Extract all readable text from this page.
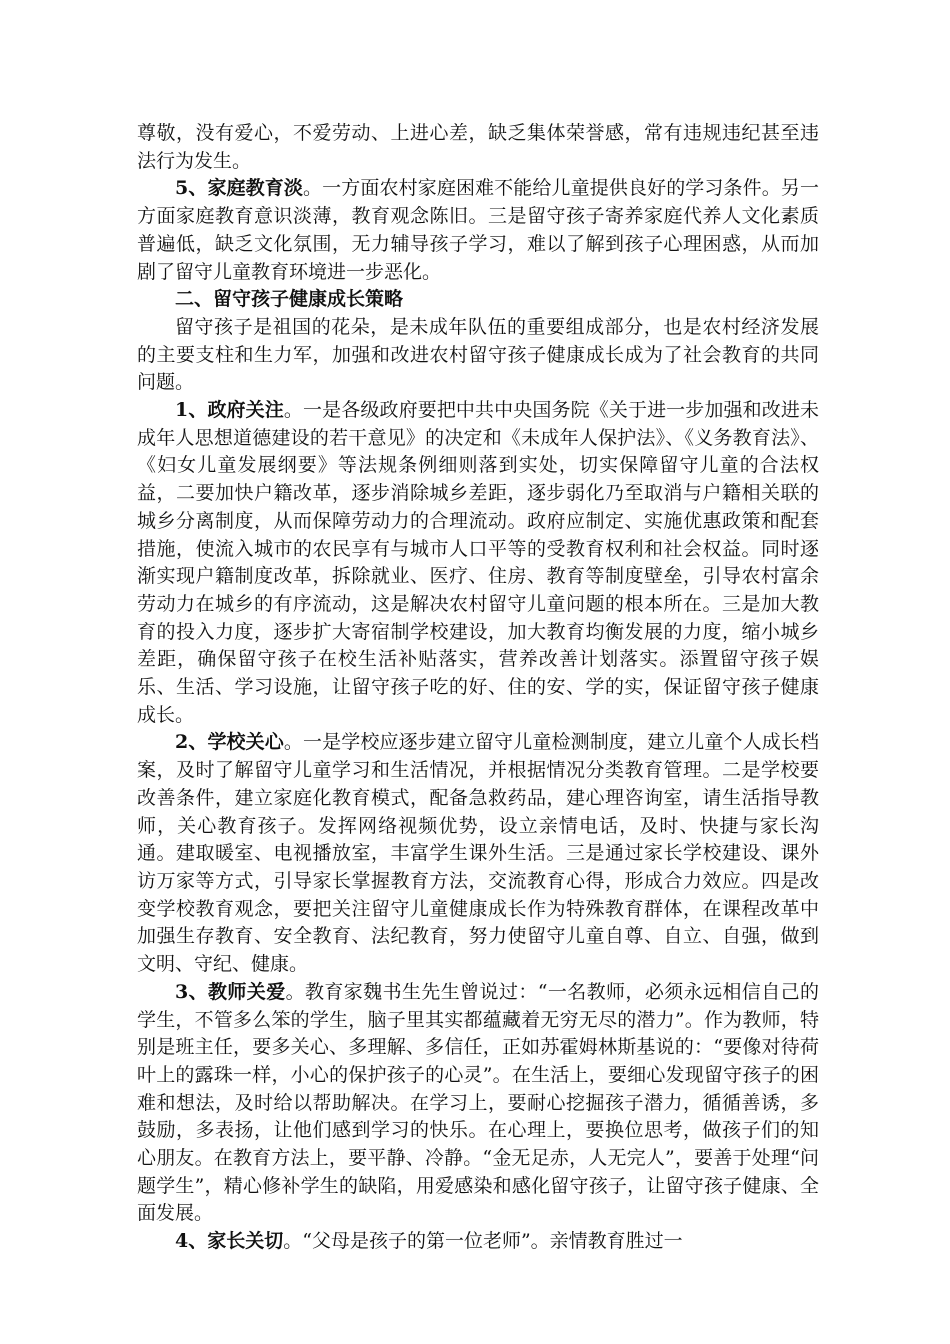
尊敬，没有爱心，不爱劳动、上进心差，缺乏集体荣誉感，常有违规违纪甚至违法行为发生。

5、家庭教育淡。一方面农村家庭困难不能给儿童提供良好的学习条件。另一方面家庭教育意识淡薄，教育观念陈旧。三是留守孩子寄养家庭代养人文化素质普遍低，缺乏文化氛围，无力辅导孩子学习，难以了解到孩子心理困惑，从而加剧了留守儿童教育环境进一步恶化。

二、留守孩子健康成长策略

留守孩子是祖国的花朵，是未成年队伍的重要组成部分，也是农村经济发展的主要支柱和生力军，加强和改进农村留守孩子健康成长成为了社会教育的共同问题。

1、政府关注。一是各级政府要把中共中央国务院《关于进一步加强和改进未成年人思想道德建设的若干意见》的决定和《未成年人保护法》、《义务教育法》、《妇女儿童发展纲要》等法规条例细则落到实处，切实保障留守儿童的合法权益，二要加快户籍改革，逐步消除城乡差距，逐步弱化乃至取消与户籍相关联的城乡分离制度，从而保障劳动力的合理流动。政府应制定、实施优惠政策和配套措施，使流入城市的农民享有与城市人口平等的受教育权利和社会权益。同时逐渐实现户籍制度改革，拆除就业、医疗、住房、教育等制度壁垒，引导农村富余劳动力在城乡的有序流动，这是解决农村留守儿童问题的根本所在。三是加大教育的投入力度，逐步扩大寄宿制学校建设，加大教育均衡发展的力度，缩小城乡差距，确保留守孩子在校生活补贴落实，营养改善计划落实。添置留守孩子娱乐、生活、学习设施，让留守孩子吃的好、住的安、学的实，保证留守孩子健康成长。

2、学校关心。一是学校应逐步建立留守儿童检测制度，建立儿童个人成长档案，及时了解留守儿童学习和生活情况，并根据情况分类教育管理。二是学校要改善条件，建立家庭化教育模式，配备急救药品，建心理咨询室，请生活指导教师，关心教育孩子。发挥网络视频优势，设立亲情电话，及时、快捷与家长沟通。建取暖室、电视播放室，丰富学生课外生活。三是通过家长学校建设、课外访万家等方式，引导家长掌握教育方法，交流教育心得，形成合力效应。四是改变学校教育观念，要把关注留守儿童健康成长作为特殊教育群体，在课程改革中加强生存教育、安全教育、法纪教育，努力使留守儿童自尊、自立、自强，做到文明、守纪、健康。

3、教师关爱。教育家魏书生先生曾说过：“一名教师，必须永远相信自己的学生，不管多么笨的学生，脑子里其实都蕴藏着无穷无尽的潜力”。作为教师，特别是班主任，要多关心、多理解、多信任，正如苏霍姆林斯基说的：“要像对待荷叶上的露珠一样，小心的保护孩子的心灵”。在生活上，要细心发现留守孩子的困难和想法，及时给以帮助解决。在学习上，要耐心挖掘孩子潜力，循循善诱，多鼓励，多表扬，让他们感到学习的快乐。在心理上，要换位思考，做孩子们的知心朋友。在教育方法上，要平静、冷静。“金无足赤，人无完人”，要善于处理“问题学生”，精心修补学生的缺陷，用爱感染和感化留守孩子，让留守孩子健康、全面发展。

4、家长关切。“父母是孩子的第一位老师”。亲情教育胜过一
